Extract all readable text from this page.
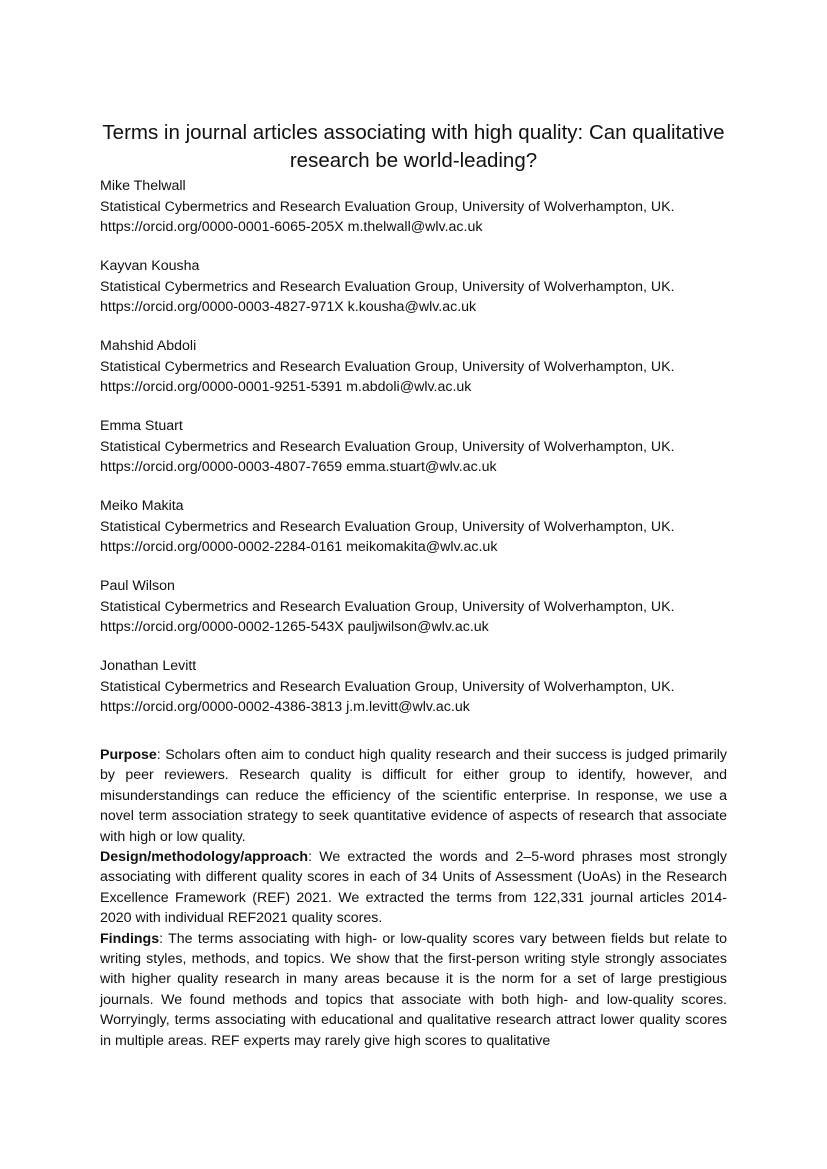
Terms in journal articles associating with high quality: Can qualitative research be world-leading?
Mike Thelwall
Statistical Cybermetrics and Research Evaluation Group, University of Wolverhampton, UK.
https://orcid.org/0000-0001-6065-205X m.thelwall@wlv.ac.uk
Kayvan Kousha
Statistical Cybermetrics and Research Evaluation Group, University of Wolverhampton, UK.
https://orcid.org/0000-0003-4827-971X k.kousha@wlv.ac.uk
Mahshid Abdoli
Statistical Cybermetrics and Research Evaluation Group, University of Wolverhampton, UK.
https://orcid.org/0000-0001-9251-5391 m.abdoli@wlv.ac.uk
Emma Stuart
Statistical Cybermetrics and Research Evaluation Group, University of Wolverhampton, UK.
https://orcid.org/0000-0003-4807-7659 emma.stuart@wlv.ac.uk
Meiko Makita
Statistical Cybermetrics and Research Evaluation Group, University of Wolverhampton, UK.
https://orcid.org/0000-0002-2284-0161 meikomakita@wlv.ac.uk
Paul Wilson
Statistical Cybermetrics and Research Evaluation Group, University of Wolverhampton, UK.
https://orcid.org/0000-0002-1265-543X pauljwilson@wlv.ac.uk
Jonathan Levitt
Statistical Cybermetrics and Research Evaluation Group, University of Wolverhampton, UK.
https://orcid.org/0000-0002-4386-3813 j.m.levitt@wlv.ac.uk

Purpose: Scholars often aim to conduct high quality research and their success is judged primarily by peer reviewers. Research quality is difficult for either group to identify, however, and misunderstandings can reduce the efficiency of the scientific enterprise. In response, we use a novel term association strategy to seek quantitative evidence of aspects of research that associate with high or low quality.

Design/methodology/approach: We extracted the words and 2–5-word phrases most strongly associating with different quality scores in each of 34 Units of Assessment (UoAs) in the Research Excellence Framework (REF) 2021. We extracted the terms from 122,331 journal articles 2014-2020 with individual REF2021 quality scores.

Findings: The terms associating with high- or low-quality scores vary between fields but relate to writing styles, methods, and topics. We show that the first-person writing style strongly associates with higher quality research in many areas because it is the norm for a set of large prestigious journals. We found methods and topics that associate with both high- and low-quality scores. Worryingly, terms associating with educational and qualitative research attract lower quality scores in multiple areas. REF experts may rarely give high scores to qualitative
